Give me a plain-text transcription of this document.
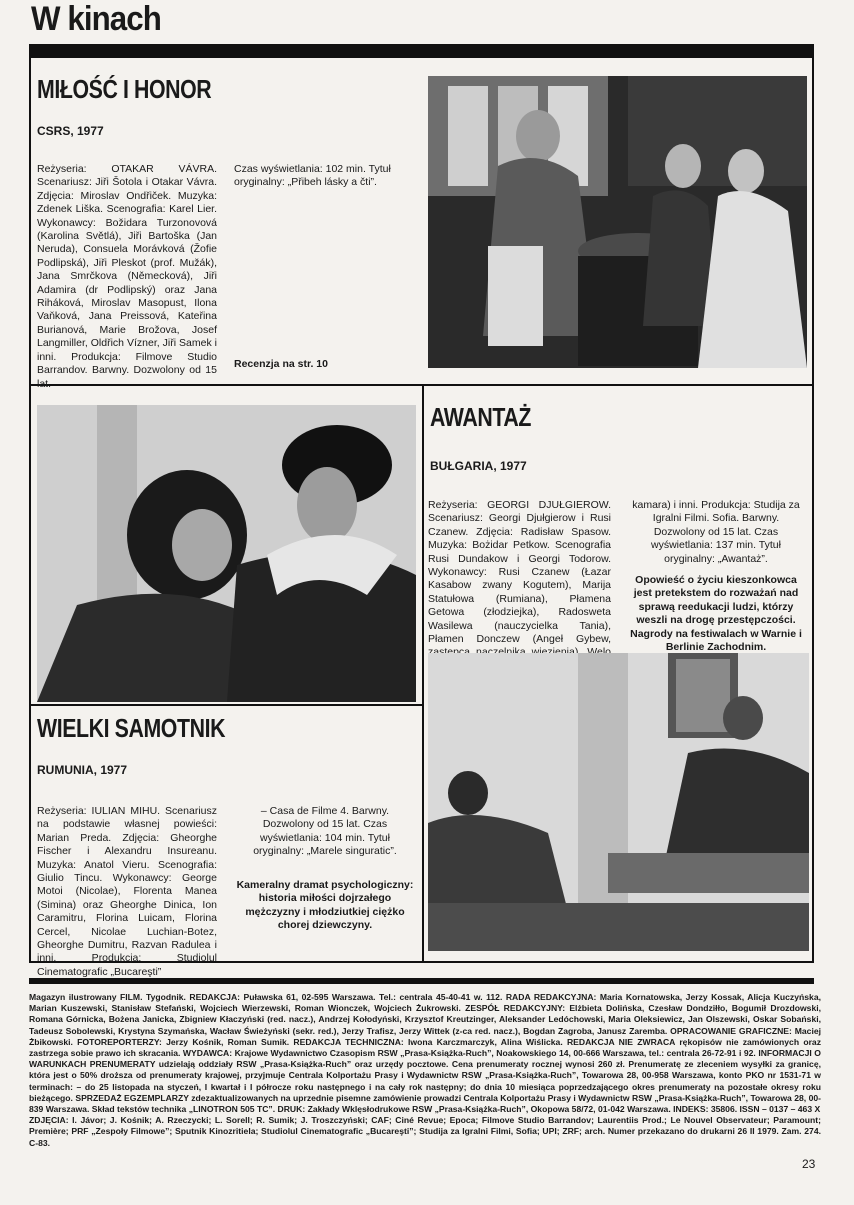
W kinach
MIŁOŚĆ I HONOR
CSRS, 1977
Reżyseria: OTAKAR VÁVRA. Scenariusz: Jiři Šotola i Otakar Vávra. Zdjęcia: Miroslav Ondřiček. Muzyka: Zdenek Liška. Scenografia: Karel Lier. Wykonawcy: Božidara Turzonovová (Karolina Světlá), Jiři Bartoška (Jan Neruda), Consuela Morávková (Žofie Podlipská), Jiři Pleskot (prof. Mužák), Jana Smrčkova (Německová), Jiři Adamira (dr Podlipský) oraz Jana Riháková, Miroslav Masopust, Ilona Vaňková, Jana Preissová, Kateřina Burianová, Marie Brožova, Josef Langmiller, Oldřich Vízner, Jiři Samek i inni. Produkcja: Filmove Studio Barrandov. Barwny. Dozwolony od 15 lat.
Czas wyświetlania: 102 min. Tytuł oryginalny: „Přibeh lásky a čti”.
Recenzja na str. 10
AWANTAŻ
BUŁGARIA, 1977
Reżyseria: GEORGI DJUŁGIEROW. Scenariusz: Georgi Djułgierow i Rusi Czanew. Zdjęcia: Radisław Spasow. Muzyka: Bożidar Petkow. Scenografia Rusi Dundakow i Georgi Todorow. Wykonawcy: Rusi Czanew (Łazar Kasabow zwany Kogutem), Marija Statułowa (Rumiana), Płamena Getowa (złodziejka), Radosweta Wasilewa (nauczycielka Tania), Płamen Donczew (Angeł Gybew,
kamara) i inni. Produkcja: Studija za Igralni Filmi. Sofia. Barwny. Dozwolony od 15 lat. Czas wyświetlania: 137 min. Tytuł oryginalny: „Awantaż”.
Opowieść o życiu kieszonkowca jest pretekstem do rozważań nad sprawą reedukacji ludzi, którzy weszli na drogę przestępczości. Nagrody na festiwalach w Warnie i Berlinie Zachodnim.
WIELKI SAMOTNIK
RUMUNIA, 1977
Reżyseria: IULIAN MIHU. Scenariusz na podstawie własnej powieści: Marian Preda. Zdjęcia: Gheorghe Fischer i Alexandru Insureanu. Muzyka: Anatol Vieru. Scenografia: Giulio Tincu. Wykonawcy: George Motoi (Nicolae), Florenta Manea (Simina) oraz Gheorghe Dinica, Ion Caramitru, Florina Luicam, Florina Cercel, Nicolae Luchian-Botez, Gheorghe Dumitru, Razvan Radulea i inni. Produkcja: Studiolul Cinematografic „Bucareşti”
– Casa de Filme 4. Barwny. Dozwolony od 15 lat. Czas wyświetlania: 104 min. Tytuł oryginalny: „Marele singuratic”.
Kameralny dramat psychologiczny: historia miłości dojrzałego mężczyzny i młodziutkiej ciężko chorej dziewczyny.
Magazyn ilustrowany FILM. Tygodnik. REDAKCJA: Puławska 61, 02-595 Warszawa. Tel.: centrala 45-40-41 w. 112. RADA REDAKCYJNA: Maria Kornatowska, Jerzy Kossak, Alicja Kuczyńska, Marian Kuszewski, Stanisław Stefański, Wojciech Wierzewski, Roman Wionczek, Wojciech Żukrowski. ZESPÓŁ REDAKCYJNY: Elżbieta Dolińska, Czesław Dondziłło, Bogumił Drozdowski, Romana Górnicka, Bożena Janicka, Zbigniew Kłaczyński (red. nacz.), Andrzej Kołodyński, Krzysztof Kreutzinger, Aleksander Ledóchowski, Maria Oleksiewicz, Jan Olszewski, Oskar Sobański, Tadeusz Sobolewski, Krystyna Szymańska, Wacław Świeżyński (sekr. red.), Jerzy Trafisz, Jerzy Wittek (z-ca red. nacz.), Bogdan Zagroba, Janusz Zaremba. OPRACOWANIE GRAFICZNE: Maciej Żbikowski. FOTOREPORTERZY: Jerzy Kośnik, Roman Sumik. REDAKCJA TECHNICZNA: Iwona Karczmarczyk, Alina Wiślicka. REDAKCJA NIE ZWRACA rękopisów nie zamówionych oraz zastrzega sobie prawo ich skracania. WYDAWCA: Krajowe Wydawnictwo Czasopism RSW „Prasa-Książka-Ruch”, Noakowskiego 14, 00-666 Warszawa, tel.: centrala 26-72-91 i 92. INFORMACJI O WARUNKACH PRENUMERATY udzielają oddziały RSW „Prasa-Książka-Ruch” oraz urzędy pocztowe. Cena prenumeraty rocznej wynosi 260 zł. Prenumeratę ze zleceniem wysyłki za granicę, która jest o 50% droższa od prenumeraty krajowej, przyjmuje Centrala Kolportażu Prasy i Wydawnictw RSW „Prasa-Książka-Ruch”, Towarowa 28, 00-958 Warszawa, konto PKO nr 1531-71 w terminach: – do 25 listopada na styczeń, I kwartał i I półrocze roku następnego i na cały rok następny; do dnia 10 miesiąca poprzedzającego okres prenumeraty na pozostałe okresy roku bieżącego. SPRZEDAŻ EGZEMPLARZY zdezaktualizowanych na uprzednie pisemne zamówienie prowadzi Centrala Kolportażu Prasy i Wydawnictw RSW „Prasa-Książka-Ruch”, Towarowa 28, 00-839 Warszawa. Skład tekstów technika „LINOTRON 505 TC”. DRUK: Zakłady Wklęsłodrukowe RSW „Prasa-Książka-Ruch”, Okopowa 58/72, 01-042 Warszawa. INDEKS: 35806. ISSN – 0137 – 463 X
ZDJĘCIA: I. Jávor; J. Kośnik; A. Rzeczycki; L. Sorell; R. Sumik; J. Troszczyński; CAF; Ciné Revue; Epoca; Filmove Studio Barrandov; Laurentiis Prod.; Le Nouvel Observateur; Paramount; Première; PRF „Zespoły Filmowe”; Sputnik Kinozritiela; Studiolul Cinematografic „Bucareşti”; Studija za Igralni Filmi, Sofia; UPI; ZRF; arch. Numer przekazano do drukarni 26 II 1979. Zam. 274. C-83.
23
